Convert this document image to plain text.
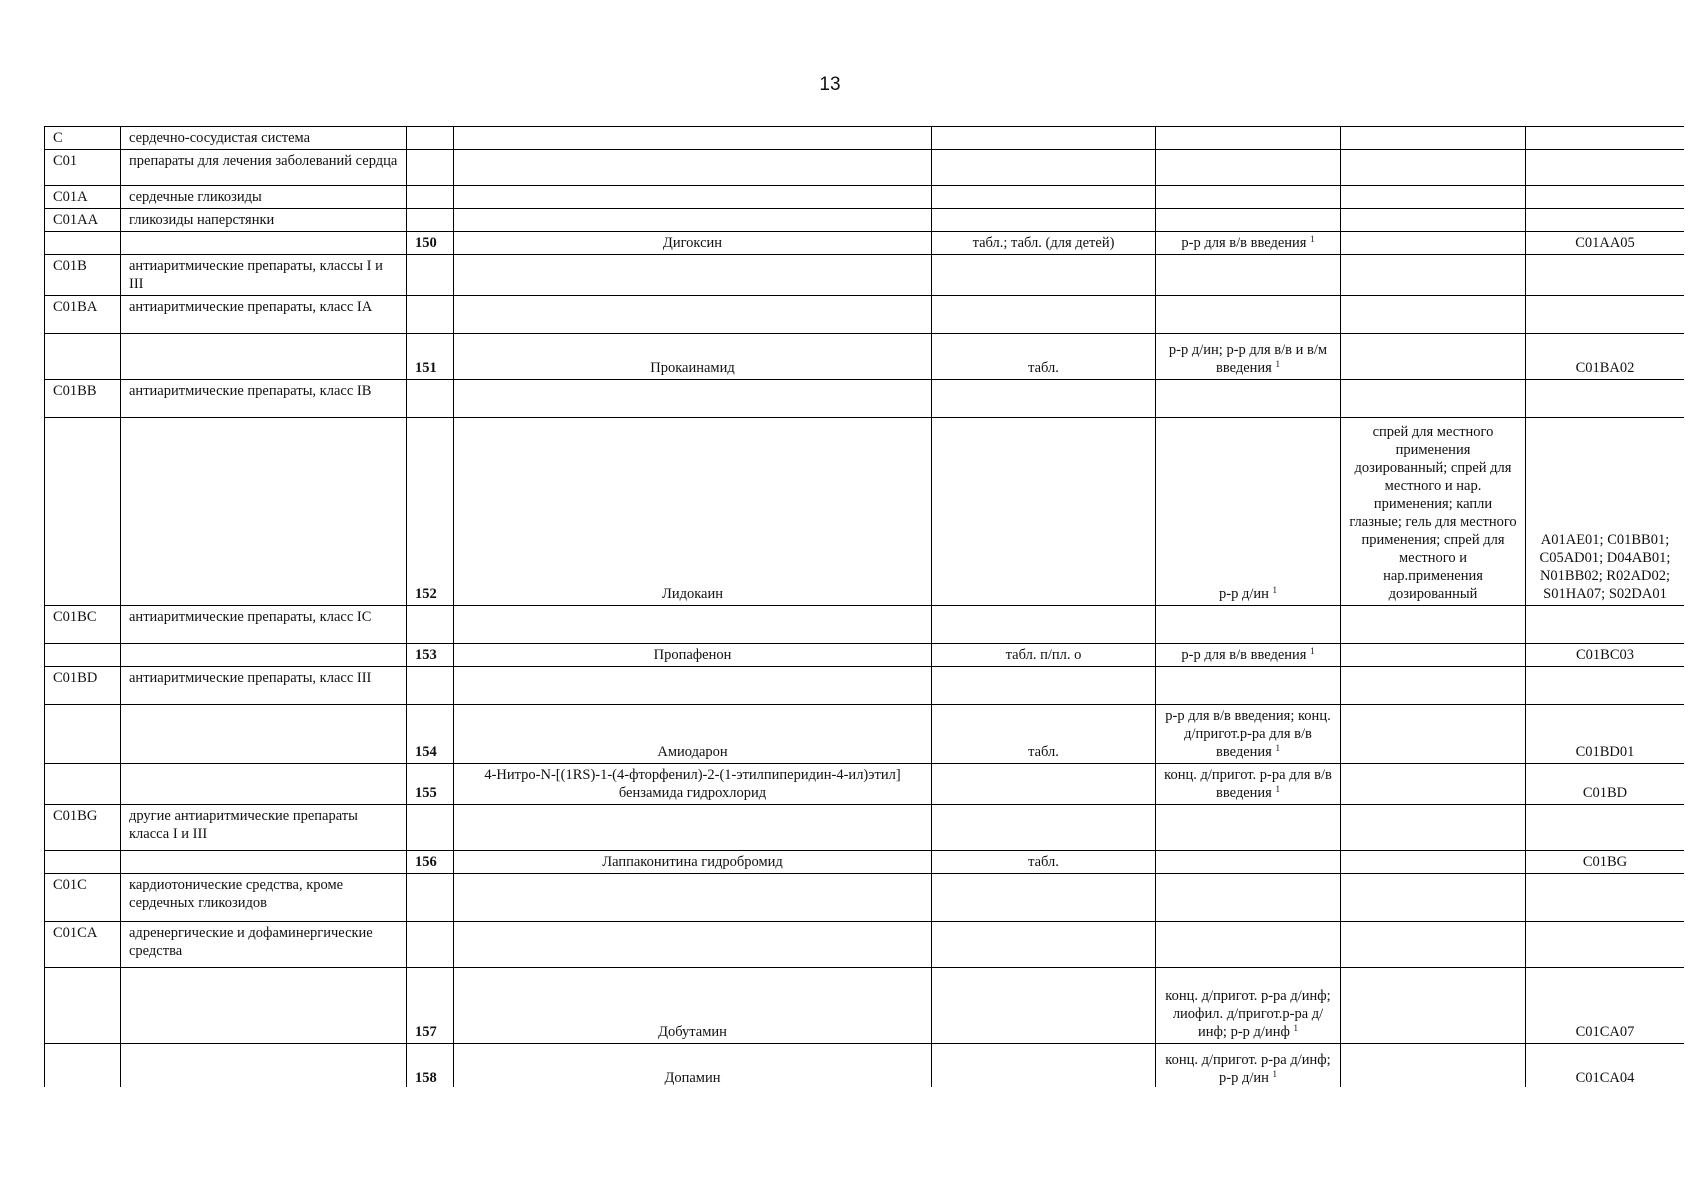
13
C	сердечно-сосудистая система						
C01	препараты для лечения заболеваний сердца						
C01A	сердечные гликозиды						
C01AA	гликозиды наперстянки						
		150	Дигоксин	табл.; табл. (для детей)	р-р для в/в введения $^1$		C01AA05
C01B	антиаритмические препараты, классы I и III						
C01BA	антиаритмические препараты, класс IA						
		151	Прокаинамид	табл.	р-р д/ин; р-р для в/в и в/м введения $^1$		C01BA02
C01BB	антиаритмические препараты, класс IB						
		152	Лидокаин		р-р д/ин $^1$	спрей для местного применения дозированный; спрей для местного и нар. применения; капли глазные; гель для местного применения; спрей для местного и нар.применения дозированный	A01AE01; C01BB01; C05AD01; D04AB01; N01BB02; R02AD02; S01HA07; S02DA01
C01BC	антиаритмические препараты, класс IC						
		153	Пропафенон	табл. п/пл. о	р-р для в/в введения $^1$		C01BC03
C01BD	антиаритмические препараты, класс III						
		154	Амиодарон	табл.	р-р для в/в введения; конц. д/пригот.р-ра для в/в введения $^1$		C01BD01
		155	4-Нитро-N-[(1RS)-1-(4-фторфенил)-2-(1-этилпиперидин-4-ил)этил] бензамида гидрохлорид		конц. д/пригот. р-ра для в/в введения $^1$		C01BD
C01BG	другие антиаритмические препараты класса I и III						
		156	Лаппаконитина гидробромид	табл.			C01BG
C01C	кардиотонические средства, кроме сердечных гликозидов						
C01CA	адренергические и дофаминергические средства						
		157	Добутамин		конц. д/пригот. р-ра д/инф; лиофил. д/пригот.р-ра д/инф; р-р д/инф $^1$		C01CA07
		158	Допамин		конц. д/пригот. р-ра д/инф; р-р д/ин $^1$		C01CA04
